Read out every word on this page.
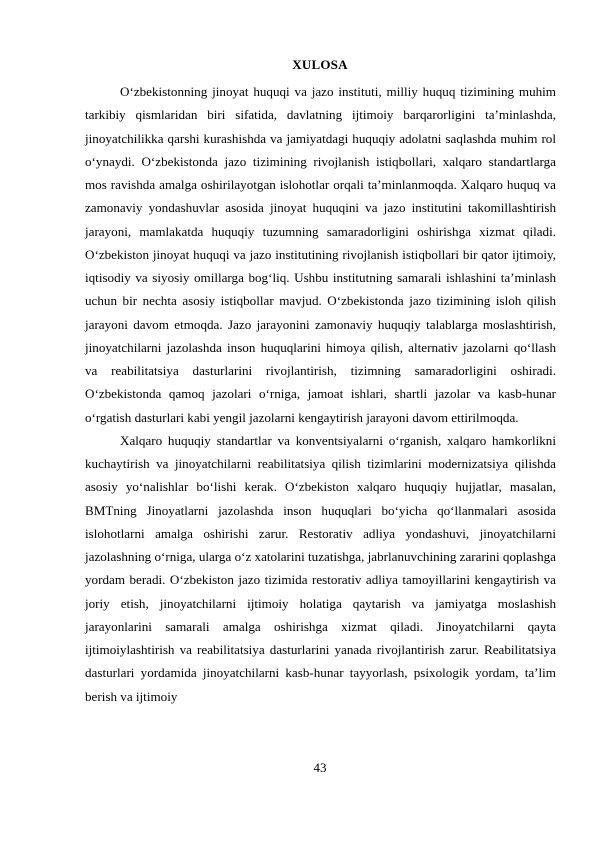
XULOSA

O‘zbekistonning jinoyat huquqi va jazo instituti, milliy huquq tizimining muhim tarkibiy qismlaridan biri sifatida, davlatning ijtimoiy barqarorligini ta’minlashda, jinoyatchilikka qarshi kurashishda va jamiyatdagi huquqiy adolatni saqlashda muhim rol o‘ynaydi. O‘zbekistonda jazo tizimining rivojlanish istiqbollari, xalqaro standartlarga mos ravishda amalga oshirilayotgan islohotlar orqali ta’minlanmoqda. Xalqaro huquq va zamonaviy yondashuvlar asosida jinoyat huquqini va jazo institutini takomillashtirish jarayoni, mamlakatda huquqiy tuzumning samaradorligini oshirishga xizmat qiladi. O‘zbekiston jinoyat huquqi va jazo institutining rivojlanish istiqbollari bir qator ijtimoiy, iqtisodiy va siyosiy omillarga bog‘liq. Ushbu institutning samarali ishlashini ta’minlash uchun bir nechta asosiy istiqbollar mavjud. O‘zbekistonda jazo tizimining isloh qilish jarayoni davom etmoqda. Jazo jarayonini zamonaviy huquqiy talablarga moslashtirish, jinoyatchilarni jazolashda inson huquqlarini himoya qilish, alternativ jazolarni qo‘llash va reabilitatsiya dasturlarini rivojlantirish, tizimning samaradorligini oshiradi. O‘zbekistonda qamoq jazolari o‘rniga, jamoat ishlari, shartli jazolar va kasb-hunar o‘rgatish dasturlari kabi yengil jazolarni kengaytirish jarayoni davom ettirilmoqda.

Xalqaro huquqiy standartlar va konventsiyalarni o‘rganish, xalqaro hamkorlikni kuchaytirish va jinoyatchilarni reabilitatsiya qilish tizimlarini modernizatsiya qilishda asosiy yo‘nalishlar bo‘lishi kerak. O‘zbekiston xalqaro huquqiy hujjatlar, masalan, BMTning Jinoyatlarni jazolashda inson huquqlari bo‘yicha qo‘llanmalari asosida islohotlarni amalga oshirishi zarur. Restorativ adliya yondashuvi, jinoyatchilarni jazolashning o‘rniga, ularga o‘z xatolarini tuzatishga, jabrlanuvchining zararini qoplashga yordam beradi. O‘zbekiston jazo tizimida restorativ adliya tamoyillarini kengaytirish va joriy etish, jinoyatchilarni ijtimoiy holatiga qaytarish va jamiyatga moslashish jarayonlarini samarali amalga oshirishga xizmat qiladi. Jinoyatchilarni qayta ijtimoiylashtirish va reabilitatsiya dasturlarini yanada rivojlantirish zarur. Reabilitatsiya dasturlari yordamida jinoyatchilarni kasb-hunar tayyorlash, psixologik yordam, ta’lim berish va ijtimoiy

43
